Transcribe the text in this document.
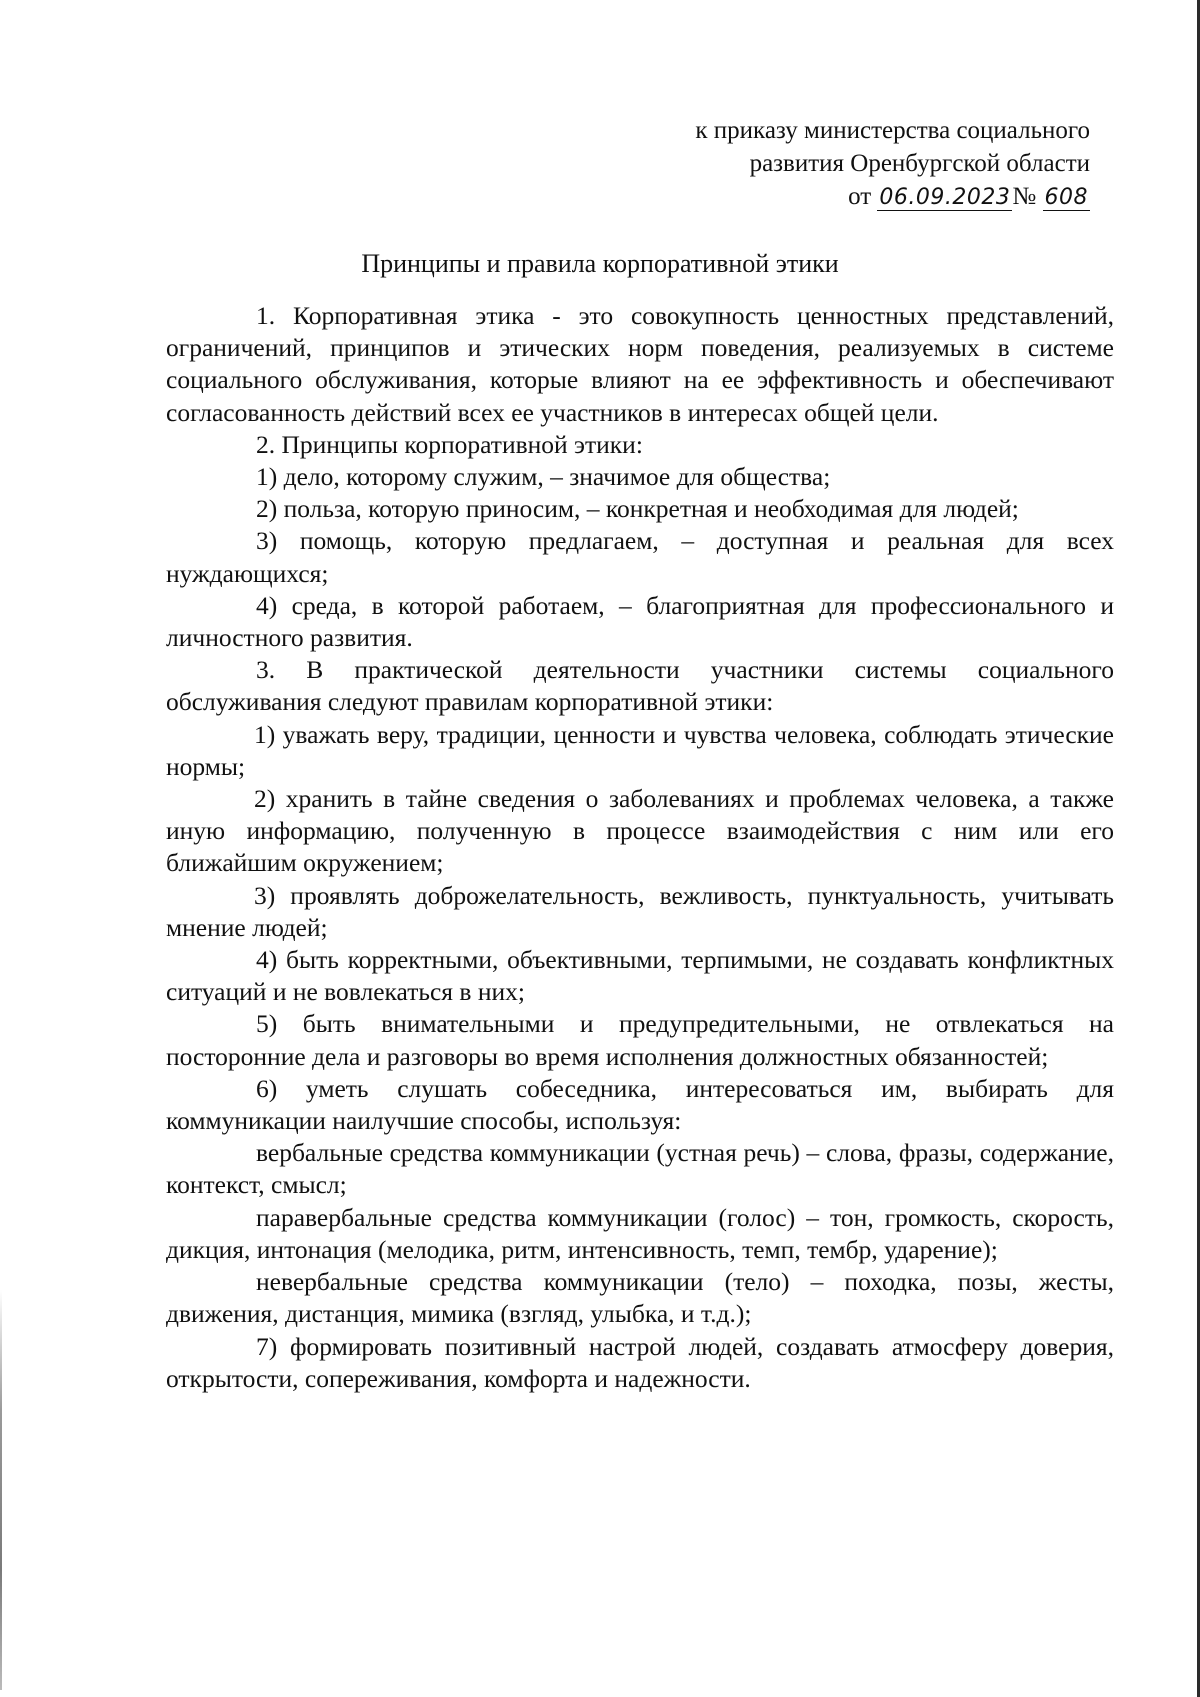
к приказу министерства социального
развития Оренбургской области
от 06.09.2023№ 608
Принципы и правила корпоративной этики

1. Корпоративная этика - это совокупность ценностных представлений, ограничений, принципов и этических норм поведения, реализуемых в системе социального обслуживания, которые влияют на ее эффективность и обеспечивают согласованность действий всех ее участников в интересах общей цели.

2. Принципы корпоративной этики:

1) дело, которому служим, – значимое для общества;

2) польза, которую приносим, – конкретная и необходимая для людей;

3) помощь, которую предлагаем, – доступная и реальная для всех нуждающихся;

4) среда, в которой работаем, – благоприятная для профессионального и личностного развития.

3. В практической деятельности участники системы социального обслуживания следуют правилам корпоративной этики:

1) уважать веру, традиции, ценности и чувства человека, соблюдать этические нормы;

2) хранить в тайне сведения о заболеваниях и проблемах человека, а также иную информацию, полученную в процессе взаимодействия с ним или его ближайшим окружением;

3) проявлять доброжелательность, вежливость, пунктуальность, учитывать мнение людей;

4) быть корректными, объективными, терпимыми, не создавать конфликтных ситуаций и не вовлекаться в них;

5) быть внимательными и предупредительными, не отвлекаться на посторонние дела и разговоры во время исполнения должностных обязанностей;

6) уметь слушать собеседника, интересоваться им, выбирать для коммуникации наилучшие способы, используя:

вербальные средства коммуникации (устная речь) – слова, фразы, содержание, контекст, смысл;

паравербальные средства коммуникации (голос) – тон, громкость, скорость, дикция, интонация (мелодика, ритм, интенсивность, темп, тембр, ударение);

невербальные средства коммуникации (тело) – походка, позы, жесты, движения, дистанция, мимика (взгляд, улыбка, и т.д.);

7) формировать позитивный настрой людей, создавать атмосферу доверия, открытости, сопереживания, комфорта и надежности.
